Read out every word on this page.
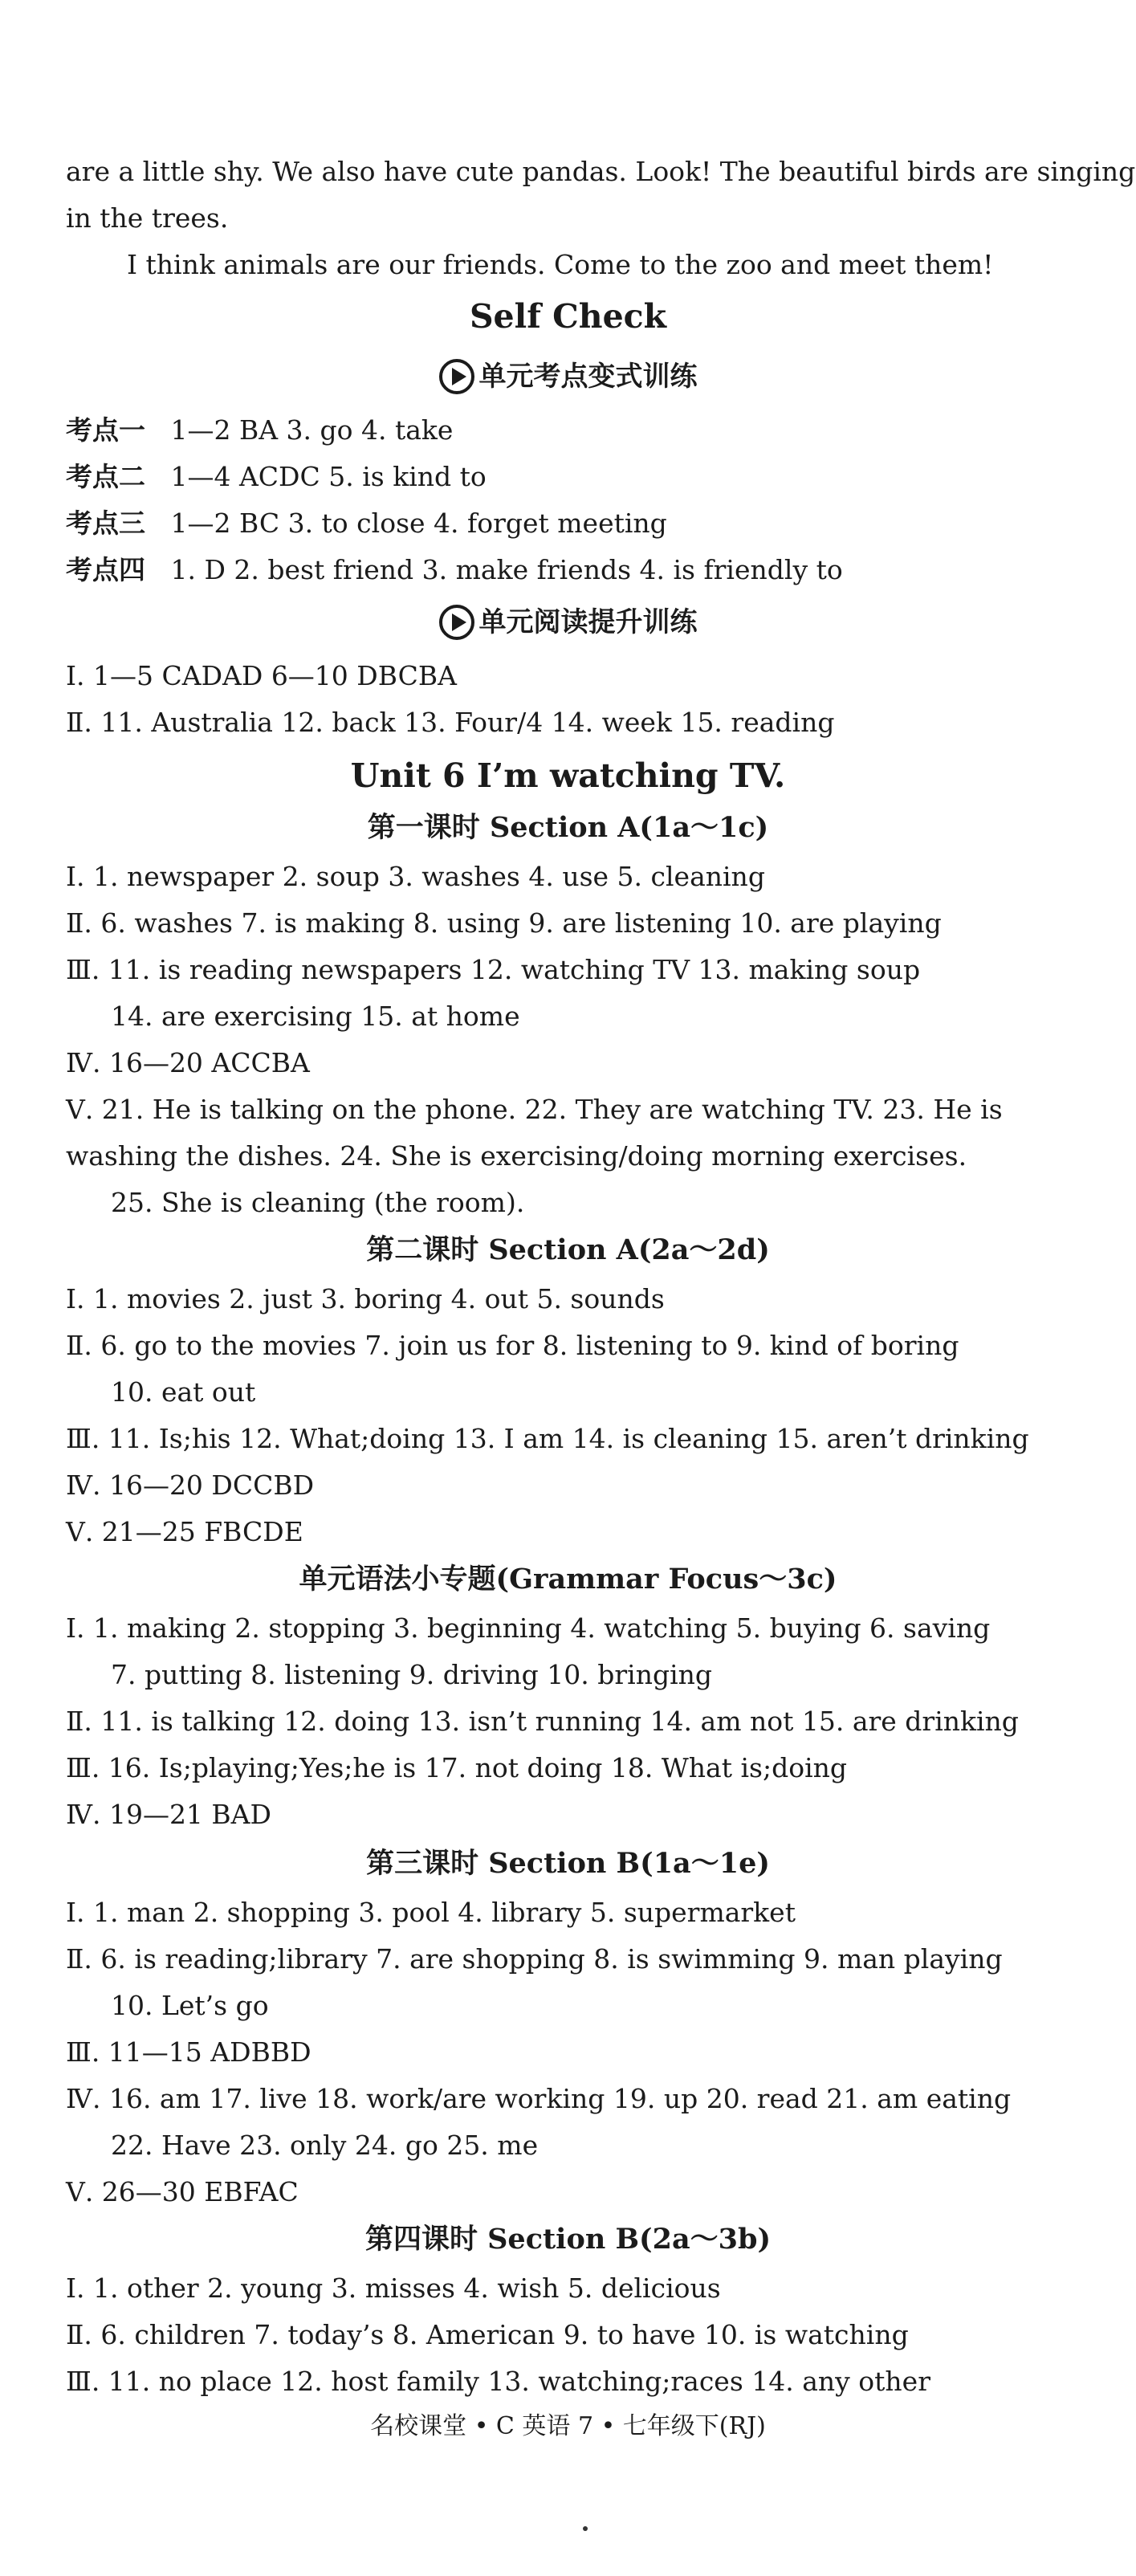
are a little shy. We also have cute pandas. Look! The beautiful birds are singing
in the trees.
I think animals are our friends. Come to the zoo and meet them!
Self Check
单元考点变式训练
考点一 1—2 BA 3. go 4. take
考点二 1—4 ACDC 5. is kind to
考点三 1—2 BC 3. to close 4. forget meeting
考点四 1. D 2. best friend 3. make friends 4. is friendly to
单元阅读提升训练
Ⅰ. 1—5 CADAD 6—10 DBCBA
Ⅱ. 11. Australia 12. back 13. Four/4 14. week 15. reading
Unit 6 I’m watching TV.
第一课时 Section A(1a～1c)
Ⅰ. 1. newspaper 2. soup 3. washes 4. use 5. cleaning
Ⅱ. 6. washes 7. is making 8. using 9. are listening 10. are playing
Ⅲ. 11. is reading newspapers 12. watching TV 13. making soup
14. are exercising 15. at home
Ⅳ. 16—20 ACCBA
Ⅴ. 21. He is talking on the phone. 22. They are watching TV. 23. He is
washing the dishes. 24. She is exercising/doing morning exercises.
25. She is cleaning (the room).
第二课时 Section A(2a～2d)
Ⅰ. 1. movies 2. just 3. boring 4. out 5. sounds
Ⅱ. 6. go to the movies 7. join us for 8. listening to 9. kind of boring
10. eat out
Ⅲ. 11. Is;his 12. What;doing 13. I am 14. is cleaning 15. aren’t drinking
Ⅳ. 16—20 DCCBD
Ⅴ. 21—25 FBCDE
单元语法小专题(Grammar Focus～3c)
Ⅰ. 1. making 2. stopping 3. beginning 4. watching 5. buying 6. saving
7. putting 8. listening 9. driving 10. bringing
Ⅱ. 11. is talking 12. doing 13. isn’t running 14. am not 15. are drinking
Ⅲ. 16. Is;playing;Yes;he is 17. not doing 18. What is;doing
Ⅳ. 19—21 BAD
第三课时 Section B(1a～1e)
Ⅰ. 1. man 2. shopping 3. pool 4. library 5. supermarket
Ⅱ. 6. is reading;library 7. are shopping 8. is swimming 9. man playing
10. Let’s go
Ⅲ. 11—15 ADBBD
Ⅳ. 16. am 17. live 18. work/are working 19. up 20. read 21. am eating
22. Have 23. only 24. go 25. me
Ⅴ. 26—30 EBFAC
第四课时 Section B(2a～3b)
Ⅰ. 1. other 2. young 3. misses 4. wish 5. delicious
Ⅱ. 6. children 7. today’s 8. American 9. to have 10. is watching
Ⅲ. 11. no place 12. host family 13. watching;races 14. any other
名校课堂 • C 英语 7 • 七年级下(RJ)
